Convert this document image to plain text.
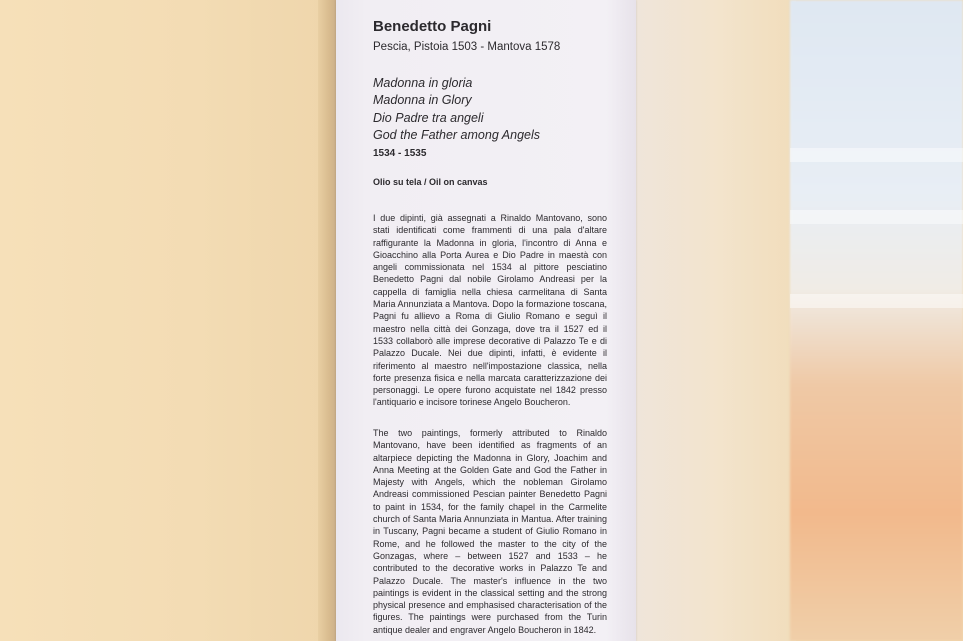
Benedetto Pagni
Pescia, Pistoia 1503 - Mantova 1578
Madonna in gloria
Madonna in Glory
Dio Padre tra angeli
God the Father among Angels
1534 - 1535
Olio su tela / Oil on canvas
I due dipinti, già assegnati a Rinaldo Mantovano, sono stati identificati come frammenti di una pala d'altare raffigurante la Madonna in gloria, l'incontro di Anna e Gioacchino alla Porta Aurea e Dio Padre in maestà con angeli commissionata nel 1534 al pittore pesciatino Benedetto Pagni dal nobile Girolamo Andreasi per la cappella di famiglia nella chiesa carmelitana di Santa Maria Annunziata a Mantova. Dopo la formazione toscana, Pagni fu allievo a Roma di Giulio Romano e seguì il maestro nella città dei Gonzaga, dove tra il 1527 ed il 1533 collaborò alle imprese decorative di Palazzo Te e di Palazzo Ducale. Nei due dipinti, infatti, è evidente il riferimento al maestro nell'impostazione classica, nella forte presenza fisica e nella marcata caratterizzazione dei personaggi. Le opere furono acquistate nel 1842 presso l'antiquario e incisore torinese Angelo Boucheron.
The two paintings, formerly attributed to Rinaldo Mantovano, have been identified as fragments of an altarpiece depicting the Madonna in Glory, Joachim and Anna Meeting at the Golden Gate and God the Father in Majesty with Angels, which the nobleman Girolamo Andreasi commissioned Pescian painter Benedetto Pagni to paint in 1534, for the family chapel in the Carmelite church of Santa Maria Annunziata in Mantua. After training in Tuscany, Pagni became a student of Giulio Romano in Rome, and he followed the master to the city of the Gonzagas, where – between 1527 and 1533 – he contributed to the decorative works in Palazzo Te and Palazzo Ducale. The master's influence in the two paintings is evident in the classical setting and the strong physical presence and emphasised characterisation of the figures. The paintings were purchased from the Turin antique dealer and engraver Angelo Boucheron in 1842.
